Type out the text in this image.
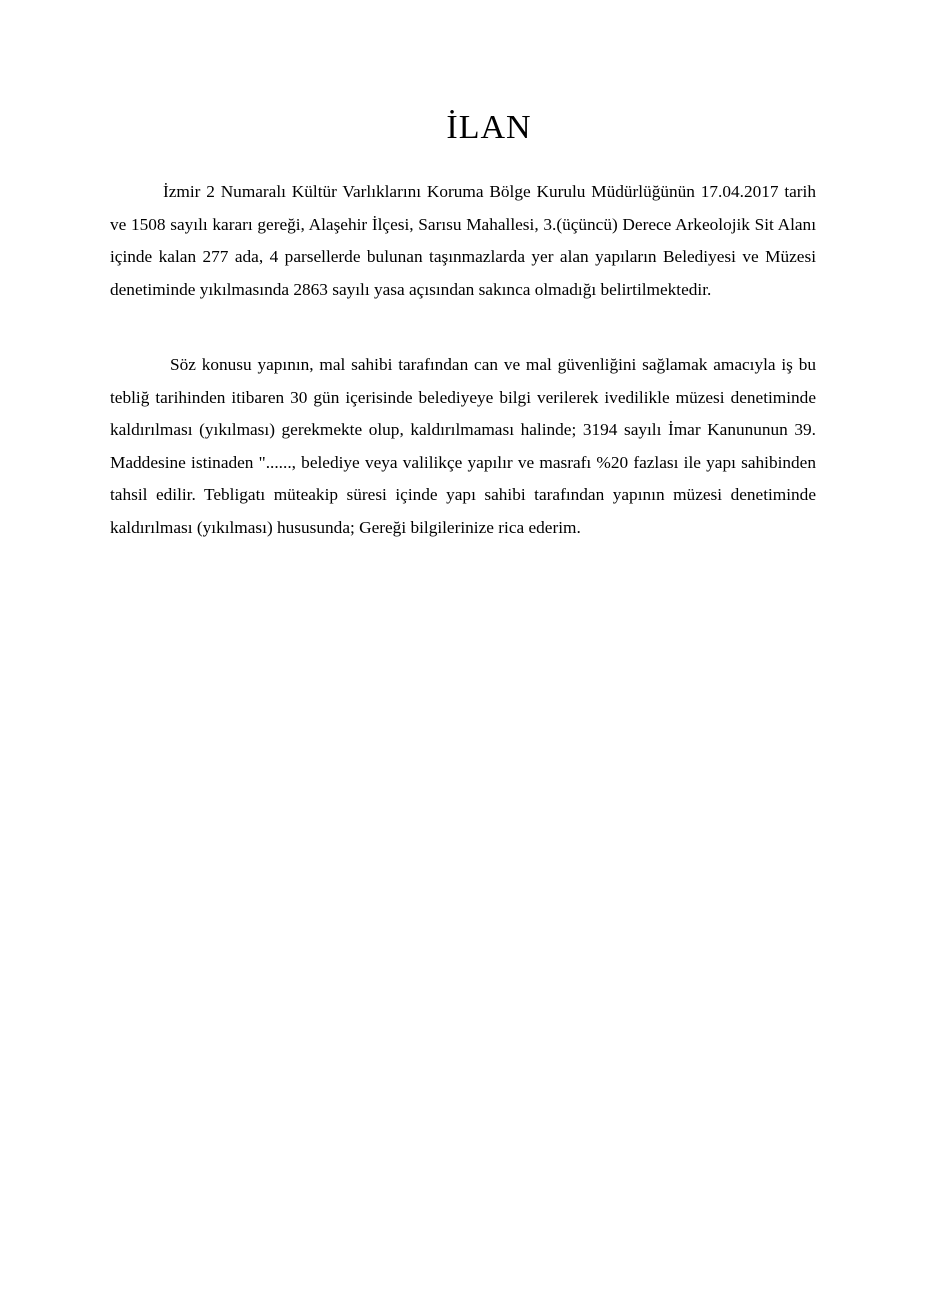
İLAN

İzmir 2 Numaralı Kültür Varlıklarını Koruma Bölge Kurulu Müdürlüğünün 17.04.2017 tarih ve 1508 sayılı kararı gereği, Alaşehir İlçesi, Sarısu Mahallesi, 3.(üçüncü) Derece Arkeolojik Sit Alanı içinde kalan 277 ada, 4 parsellerde bulunan taşınmazlarda yer alan yapıların Belediyesi ve Müzesi denetiminde yıkılmasında 2863 sayılı yasa açısından sakınca olmadığı belirtilmektedir.

Söz konusu yapının, mal sahibi tarafından can ve mal güvenliğini sağlamak amacıyla iş bu tebliğ tarihinden itibaren 30 gün içerisinde belediyeye bilgi verilerek ivedilikle müzesi denetiminde kaldırılması (yıkılması) gerekmekte olup, kaldırılmaması halinde; 3194 sayılı İmar Kanununun 39. Maddesine istinaden "......, belediye veya valilikçe yapılır ve masrafı %20 fazlası ile yapı sahibinden tahsil edilir. Tebligatı müteakip süresi içinde yapı sahibi tarafından yapının müzesi denetiminde kaldırılması (yıkılması) hususunda; Gereği bilgilerinize rica ederim.
